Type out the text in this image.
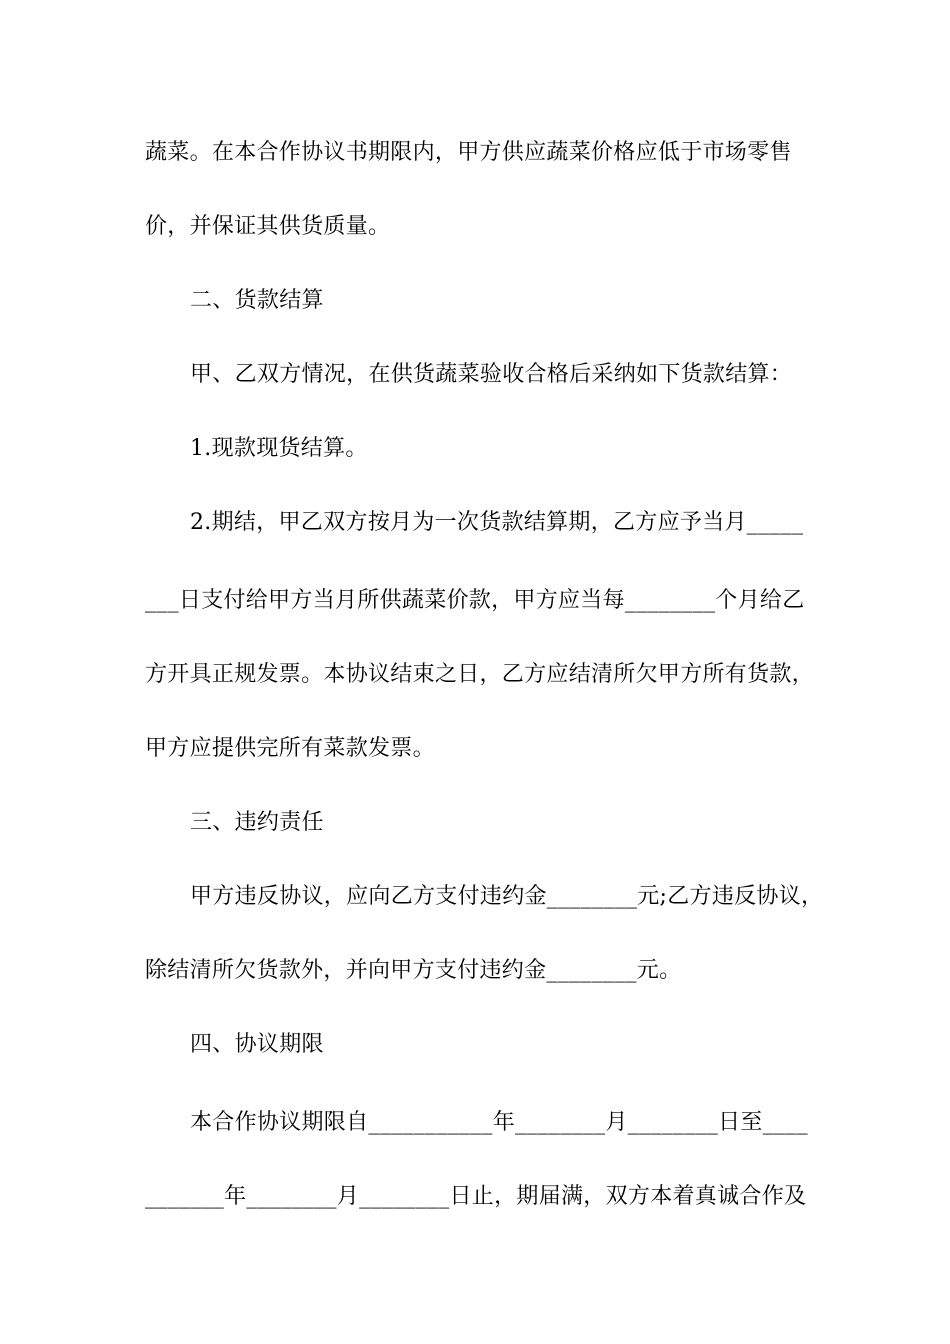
蔬菜。在本合作协议书期限内，甲方供应蔬菜价格应低于市场零售
价，并保证其供货质量。
二、货款结算
甲、乙双方情况，在供货蔬菜验收合格后采纳如下货款结算：
1.现款现货结算。
2.期结，甲乙双方按月为一次货款结算期，乙方应予当月_____
___日支付给甲方当月所供蔬菜价款，甲方应当每________个月给乙
方开具正规发票。本协议结束之日，乙方应结清所欠甲方所有货款，
甲方应提供完所有菜款发票。
三、违约责任
甲方违反协议，应向乙方支付违约金________元;乙方违反协议，
除结清所欠货款外，并向甲方支付违约金________元。
四、协议期限
本合作协议期限自___________年________月________日至____
_______年________月________日止，期届满，双方本着真诚合作及
